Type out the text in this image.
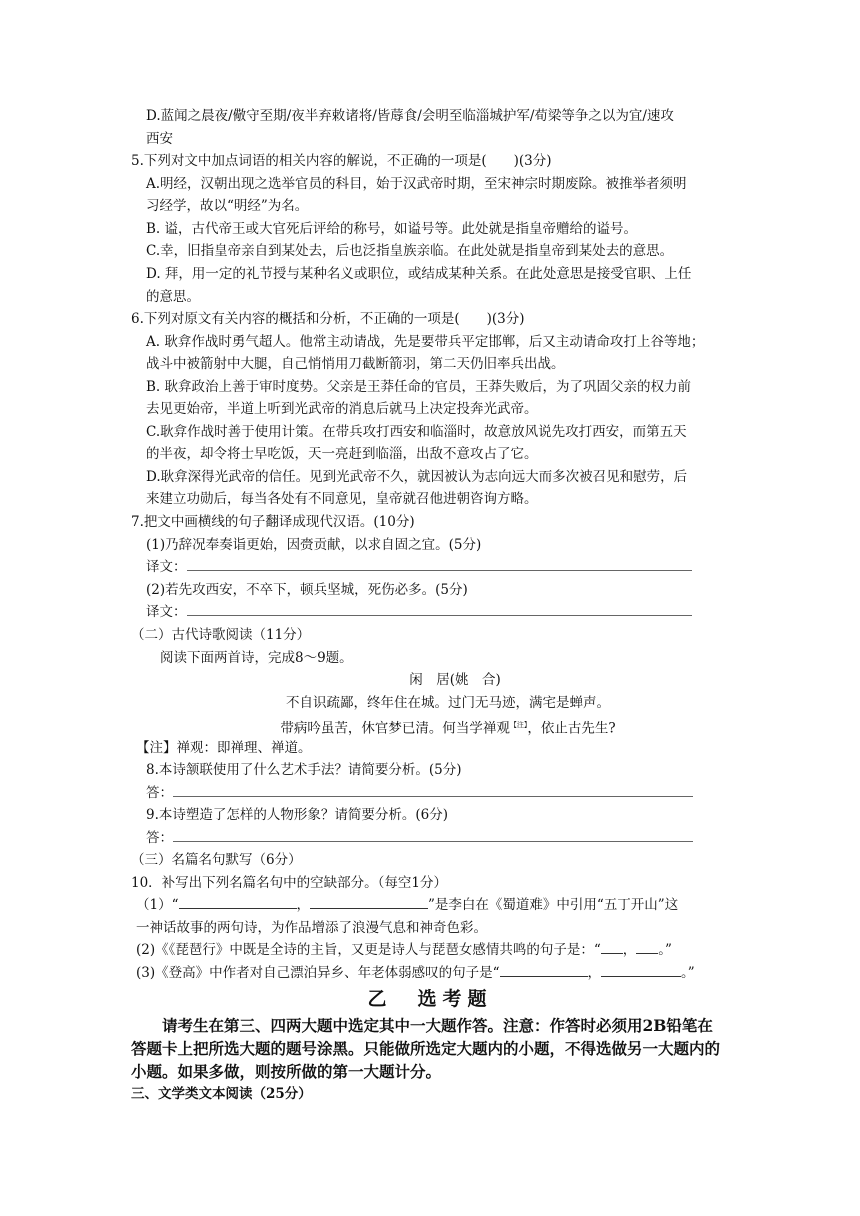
D.蓝闻之晨夜/儆守至期/夜半弃敕诸将/皆蓐食/会明至临淄城护军/荀梁等争之以为宜/速攻
西安
5.下列对文中加点词语的相关内容的解说，不正确的一项是(　　)(3分)
A.明经，汉朝出现之选举官员的科目，始于汉武帝时期，至宋神宗时期废除。被推举者须明
习经学，故以“明经”为名。
B. 谥，古代帝王或大官死后评给的称号，如谥号等。此处就是指皇帝赠给的谥号。
C.幸，旧指皇帝亲自到某处去，后也泛指皇族亲临。在此处就是指皇帝到某处去的意思。
D. 拜，用一定的礼节授与某种名义或职位，或结成某种关系。在此处意思是接受官职、上任
的意思。
6.下列对原文有关内容的概括和分析，不正确的一项是(　　)(3分)
A. 耿弇作战时勇气超人。他常主动请战，先是要带兵平定邯郸，后又主动请命攻打上谷等地；
战斗中被箭射中大腿，自己悄悄用刀截断箭羽，第二天仍旧率兵出战。
B. 耿弇政治上善于审时度势。父亲是王莽任命的官员，王莽失败后，为了巩固父亲的权力前
去见更始帝，半道上听到光武帝的消息后就马上决定投奔光武帝。
C.耿弇作战时善于使用计策。在带兵攻打西安和临淄时，故意放风说先攻打西安，而第五天
的半夜，却令将士早吃饭，天一亮赶到临淄，出敌不意攻占了它。
D.耿弇深得光武帝的信任。见到光武帝不久，就因被认为志向远大而多次被召见和慰劳，后
来建立功勋后，每当各处有不同意见，皇帝就召他进朝咨询方略。
7.把文中画横线的句子翻译成现代汉语。(10分)
(1)乃辞况奉奏诣更始，因赍贡献，以求自固之宜。(5分)
译文：
(2)若先攻西安，不卒下，顿兵坚城，死伤必多。(5分)
译文：
（二）古代诗歌阅读（11分）
阅读下面两首诗，完成8～9题。
闲　居(姚　合)
不自识疏鄙，终年住在城。过门无马迹，满宅是蝉声。
带病吟虽苦，休官梦已清。何当学禅观$^{【注】}$，依止古先生?
【注】禅观：即禅理、禅道。
8.本诗颔联使用了什么艺术手法？请简要分析。(5分)
答：
9.本诗塑造了怎样的人物形象？请简要分析。(6分)
答：
（三）名篇名句默写（6分）
10．补写出下列名篇名句中的空缺部分。（每空1分）
（1）“	，	”是李白在《蜀道难》中引用“五丁开山”这
一神话故事的两句诗，为作品增添了浪漫气息和神奇色彩。
(2)《《琵琶行》中既是全诗的主旨，又更是诗人与琵琶女感情共鸣的句子是：“ ， 。”
(3)《登高》中作者对自己漂泊异乡、年老体弱感叹的句子是“	，	。”
乙　选考题
请考生在第三、四两大题中选定其中一大题作答。注意：作答时必须用2B铅笔在
答题卡上把所选大题的题号涂黑。只能做所选定大题内的小题，不得选做另一大题内的
小题。如果多做，则按所做的第一大题计分。
三、文学类文本阅读（25分）
